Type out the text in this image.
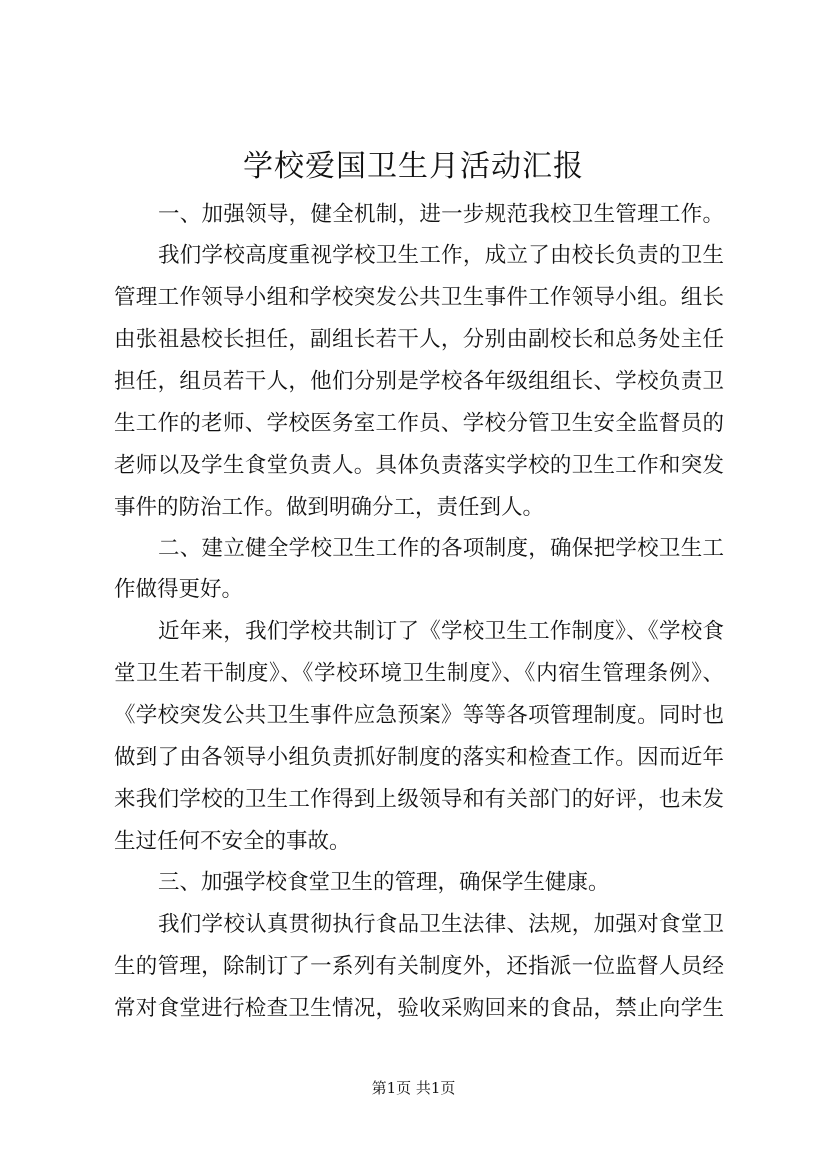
学校爱国卫生月活动汇报
一、加强领导，健全机制，进一步规范我校卫生管理工作。
我们学校高度重视学校卫生工作，成立了由校长负责的卫生
管理工作领导小组和学校突发公共卫生事件工作领导小组。组长
由张祖悬校长担任，副组长若干人，分别由副校长和总务处主任
担任，组员若干人，他们分别是学校各年级组组长、学校负责卫
生工作的老师、学校医务室工作员、学校分管卫生安全监督员的
老师以及学生食堂负责人。具体负责落实学校的卫生工作和突发
事件的防治工作。做到明确分工，责任到人。
二、建立健全学校卫生工作的各项制度，确保把学校卫生工
作做得更好。
近年来，我们学校共制订了《学校卫生工作制度》、《学校食
堂卫生若干制度》、《学校环境卫生制度》、《内宿生管理条例》、
《学校突发公共卫生事件应急预案》等等各项管理制度。同时也
做到了由各领导小组负责抓好制度的落实和检查工作。因而近年
来我们学校的卫生工作得到上级领导和有关部门的好评，也未发
生过任何不安全的事故。
三、加强学校食堂卫生的管理，确保学生健康。
我们学校认真贯彻执行食品卫生法律、法规，加强对食堂卫
生的管理，除制订了一系列有关制度外，还指派一位监督人员经
常对食堂进行检查卫生情况，验收采购回来的食品，禁止向学生
第1页 共1页
